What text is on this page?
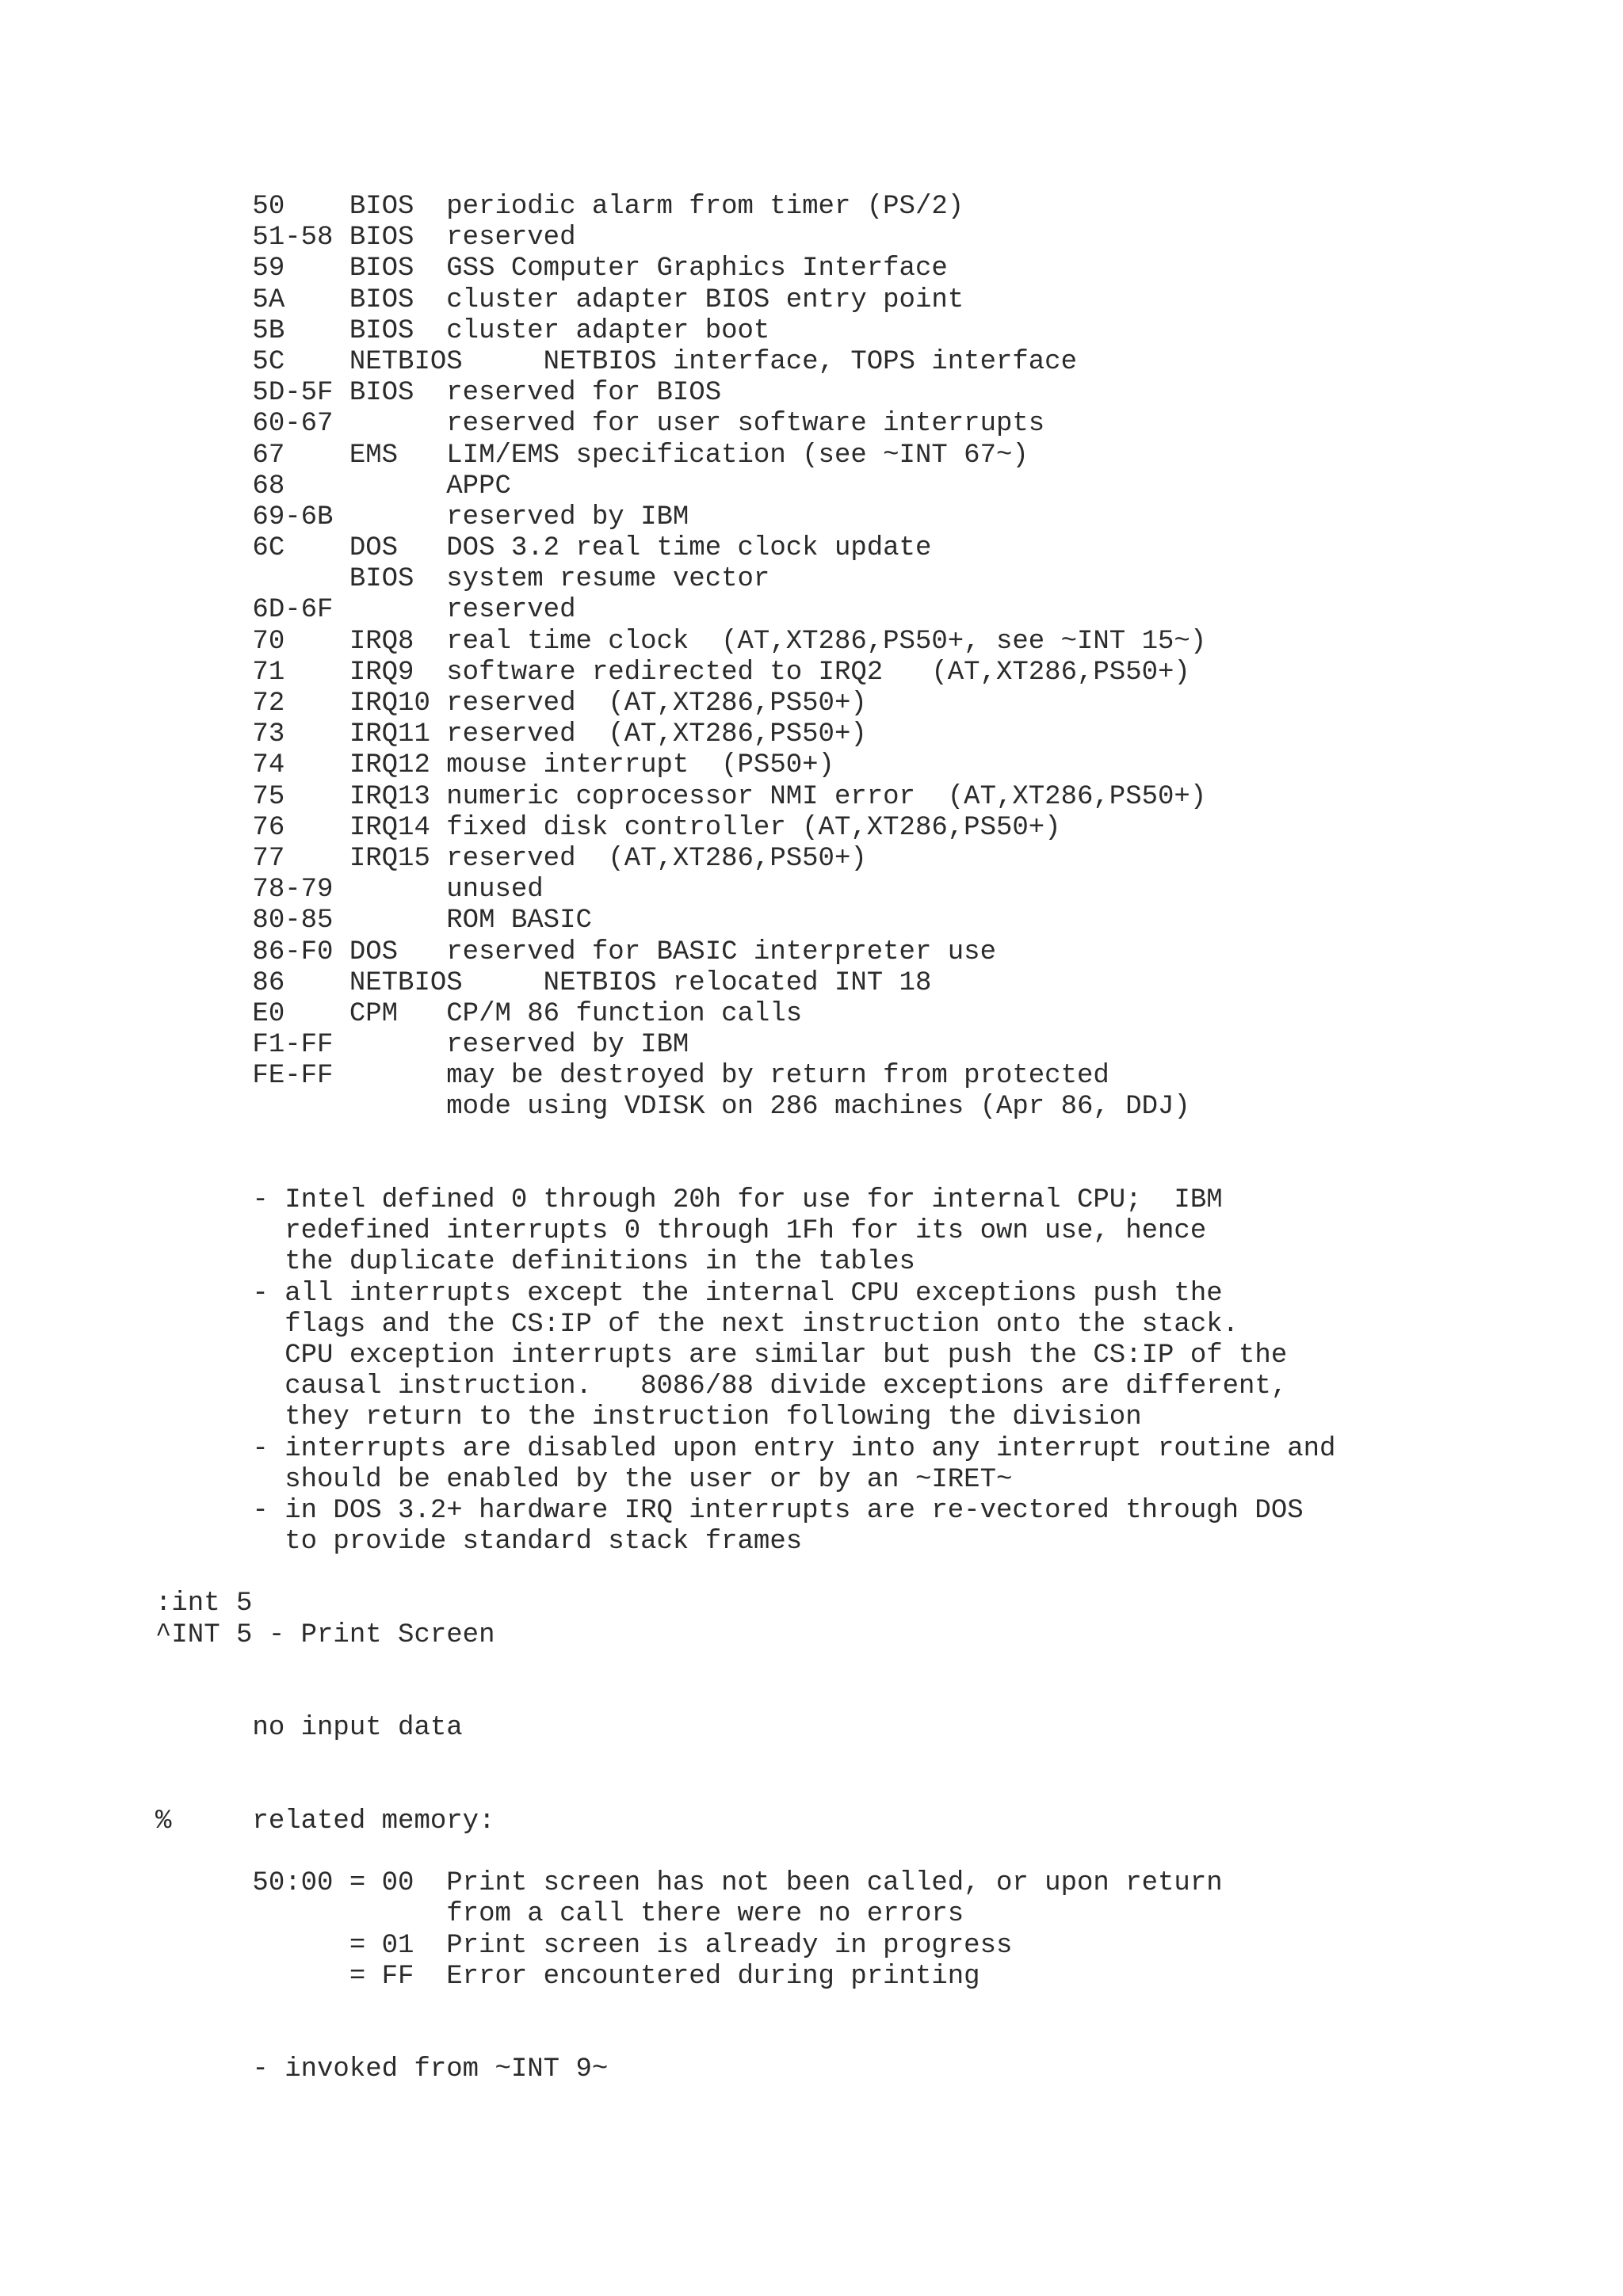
50    BIOS  periodic alarm from timer (PS/2)
51-58 BIOS  reserved
59    BIOS  GSS Computer Graphics Interface
5A    BIOS  cluster adapter BIOS entry point
5B    BIOS  cluster adapter boot
5C    NETBIOS     NETBIOS interface, TOPS interface
5D-5F BIOS  reserved for BIOS
60-67       reserved for user software interrupts
67    EMS   LIM/EMS specification (see ~INT 67~)
68          APPC
69-6B       reserved by IBM
6C    DOS   DOS 3.2 real time clock update
BIOS  system resume vector
6D-6F       reserved
70    IRQ8  real time clock  (AT,XT286,PS50+, see ~INT 15~)
71    IRQ9  software redirected to IRQ2   (AT,XT286,PS50+)
72    IRQ10 reserved  (AT,XT286,PS50+)
73    IRQ11 reserved  (AT,XT286,PS50+)
74    IRQ12 mouse interrupt  (PS50+)
75    IRQ13 numeric coprocessor NMI error  (AT,XT286,PS50+)
76    IRQ14 fixed disk controller (AT,XT286,PS50+)
77    IRQ15 reserved  (AT,XT286,PS50+)
78-79       unused
80-85       ROM BASIC
86-F0 DOS   reserved for BASIC interpreter use
86    NETBIOS     NETBIOS relocated INT 18
E0    CPM   CP/M 86 function calls
F1-FF       reserved by IBM
FE-FF       may be destroyed by return from protected
mode using VDISK on 286 machines (Apr 86, DDJ)
- Intel defined 0 through 20h for use for internal CPU;  IBM
redefined interrupts 0 through 1Fh for its own use, hence
the duplicate definitions in the tables
- all interrupts except the internal CPU exceptions push the
flags and the CS:IP of the next instruction onto the stack.
CPU exception interrupts are similar but push the CS:IP of the
causal instruction.   8086/88 divide exceptions are different,
they return to the instruction following the division
- interrupts are disabled upon entry into any interrupt routine and
should be enabled by the user or by an ~IRET~
- in DOS 3.2+ hardware IRQ interrupts are re-vectored through DOS
to provide standard stack frames
:int 5
^INT 5 - Print Screen
no input data
%     related memory:
50:00 = 00  Print screen has not been called, or upon return
from a call there were no errors
= 01  Print screen is already in progress
= FF  Error encountered during printing
- invoked from ~INT 9~
